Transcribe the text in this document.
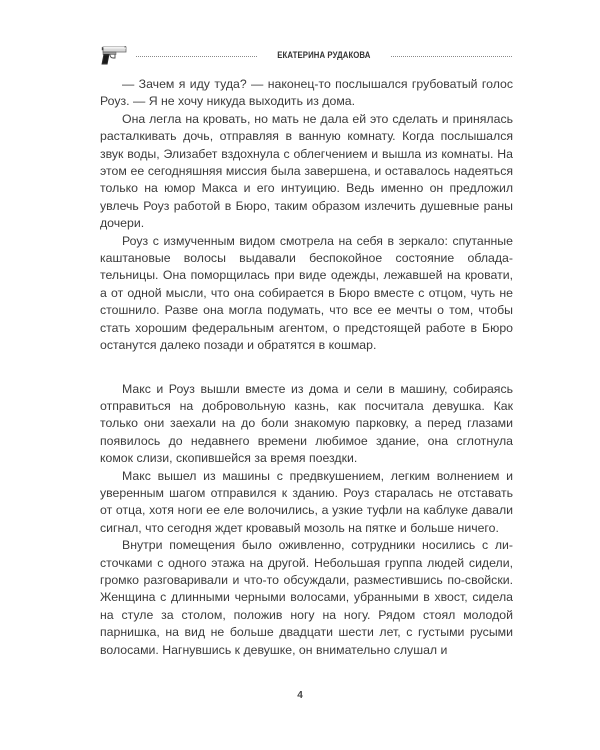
ЕКАТЕРИНА РУДАКОВА

— Зачем я иду туда? — наконец-то послышался грубоватый голос Роуз. — Я не хочу никуда выходить из дома.

Она легла на кровать, но мать не дала ей это сделать и принялась расталкивать дочь, отправляя в ванную комнату. Когда послышался звук воды, Элизабет вздохнула с облегчением и вышла из комнаты. На этом ее сегодняшняя миссия была завершена, и оставалось надеяться только на юмор Макса и его интуицию. Ведь именно он предложил увлечь Роуз работой в Бюро, таким образом излечить душевные раны дочери.

Роуз с измученным видом смотрела на себя в зеркало: спутанные каштановые волосы выдавали беспокойное состояние обладательницы. Она поморщилась при виде одежды, лежавшей на кровати, а от одной мысли, что она собирается в Бюро вместе с отцом, чуть не стошнило. Разве она могла подумать, что все ее мечты о том, чтобы стать хорошим федеральным агентом, о предстоящей работе в Бюро останутся далеко позади и обратятся в кошмар.

Макс и Роуз вышли вместе из дома и сели в машину, собираясь отправиться на добровольную казнь, как посчитала девушка. Как только они заехали на до боли знакомую парковку, а перед глазами появилось до недавнего времени любимое здание, она сглотнула комок слизи, скопившейся за время поездки.

Макс вышел из машины с предвкушением, легким волнением и уверенным шагом отправился к зданию. Роуз старалась не отставать от отца, хотя ноги ее еле волочились, а узкие туфли на каблуке давали сигнал, что сегодня ждет кровавый мозоль на пятке и больше ничего.

Внутри помещения было оживленно, сотрудники носились с листочками с одного этажа на другой. Небольшая группа людей сидели, громко разговаривали и что-то обсуждали, разместившись по-свойски. Женщина с длинными черными волосами, убранными в хвост, сидела на стуле за столом, положив ногу на ногу. Рядом стоял молодой парнишка, на вид не больше двадцати шести лет, с густыми русыми волосами. Нагнувшись к девушке, он внимательно слушал и

4
